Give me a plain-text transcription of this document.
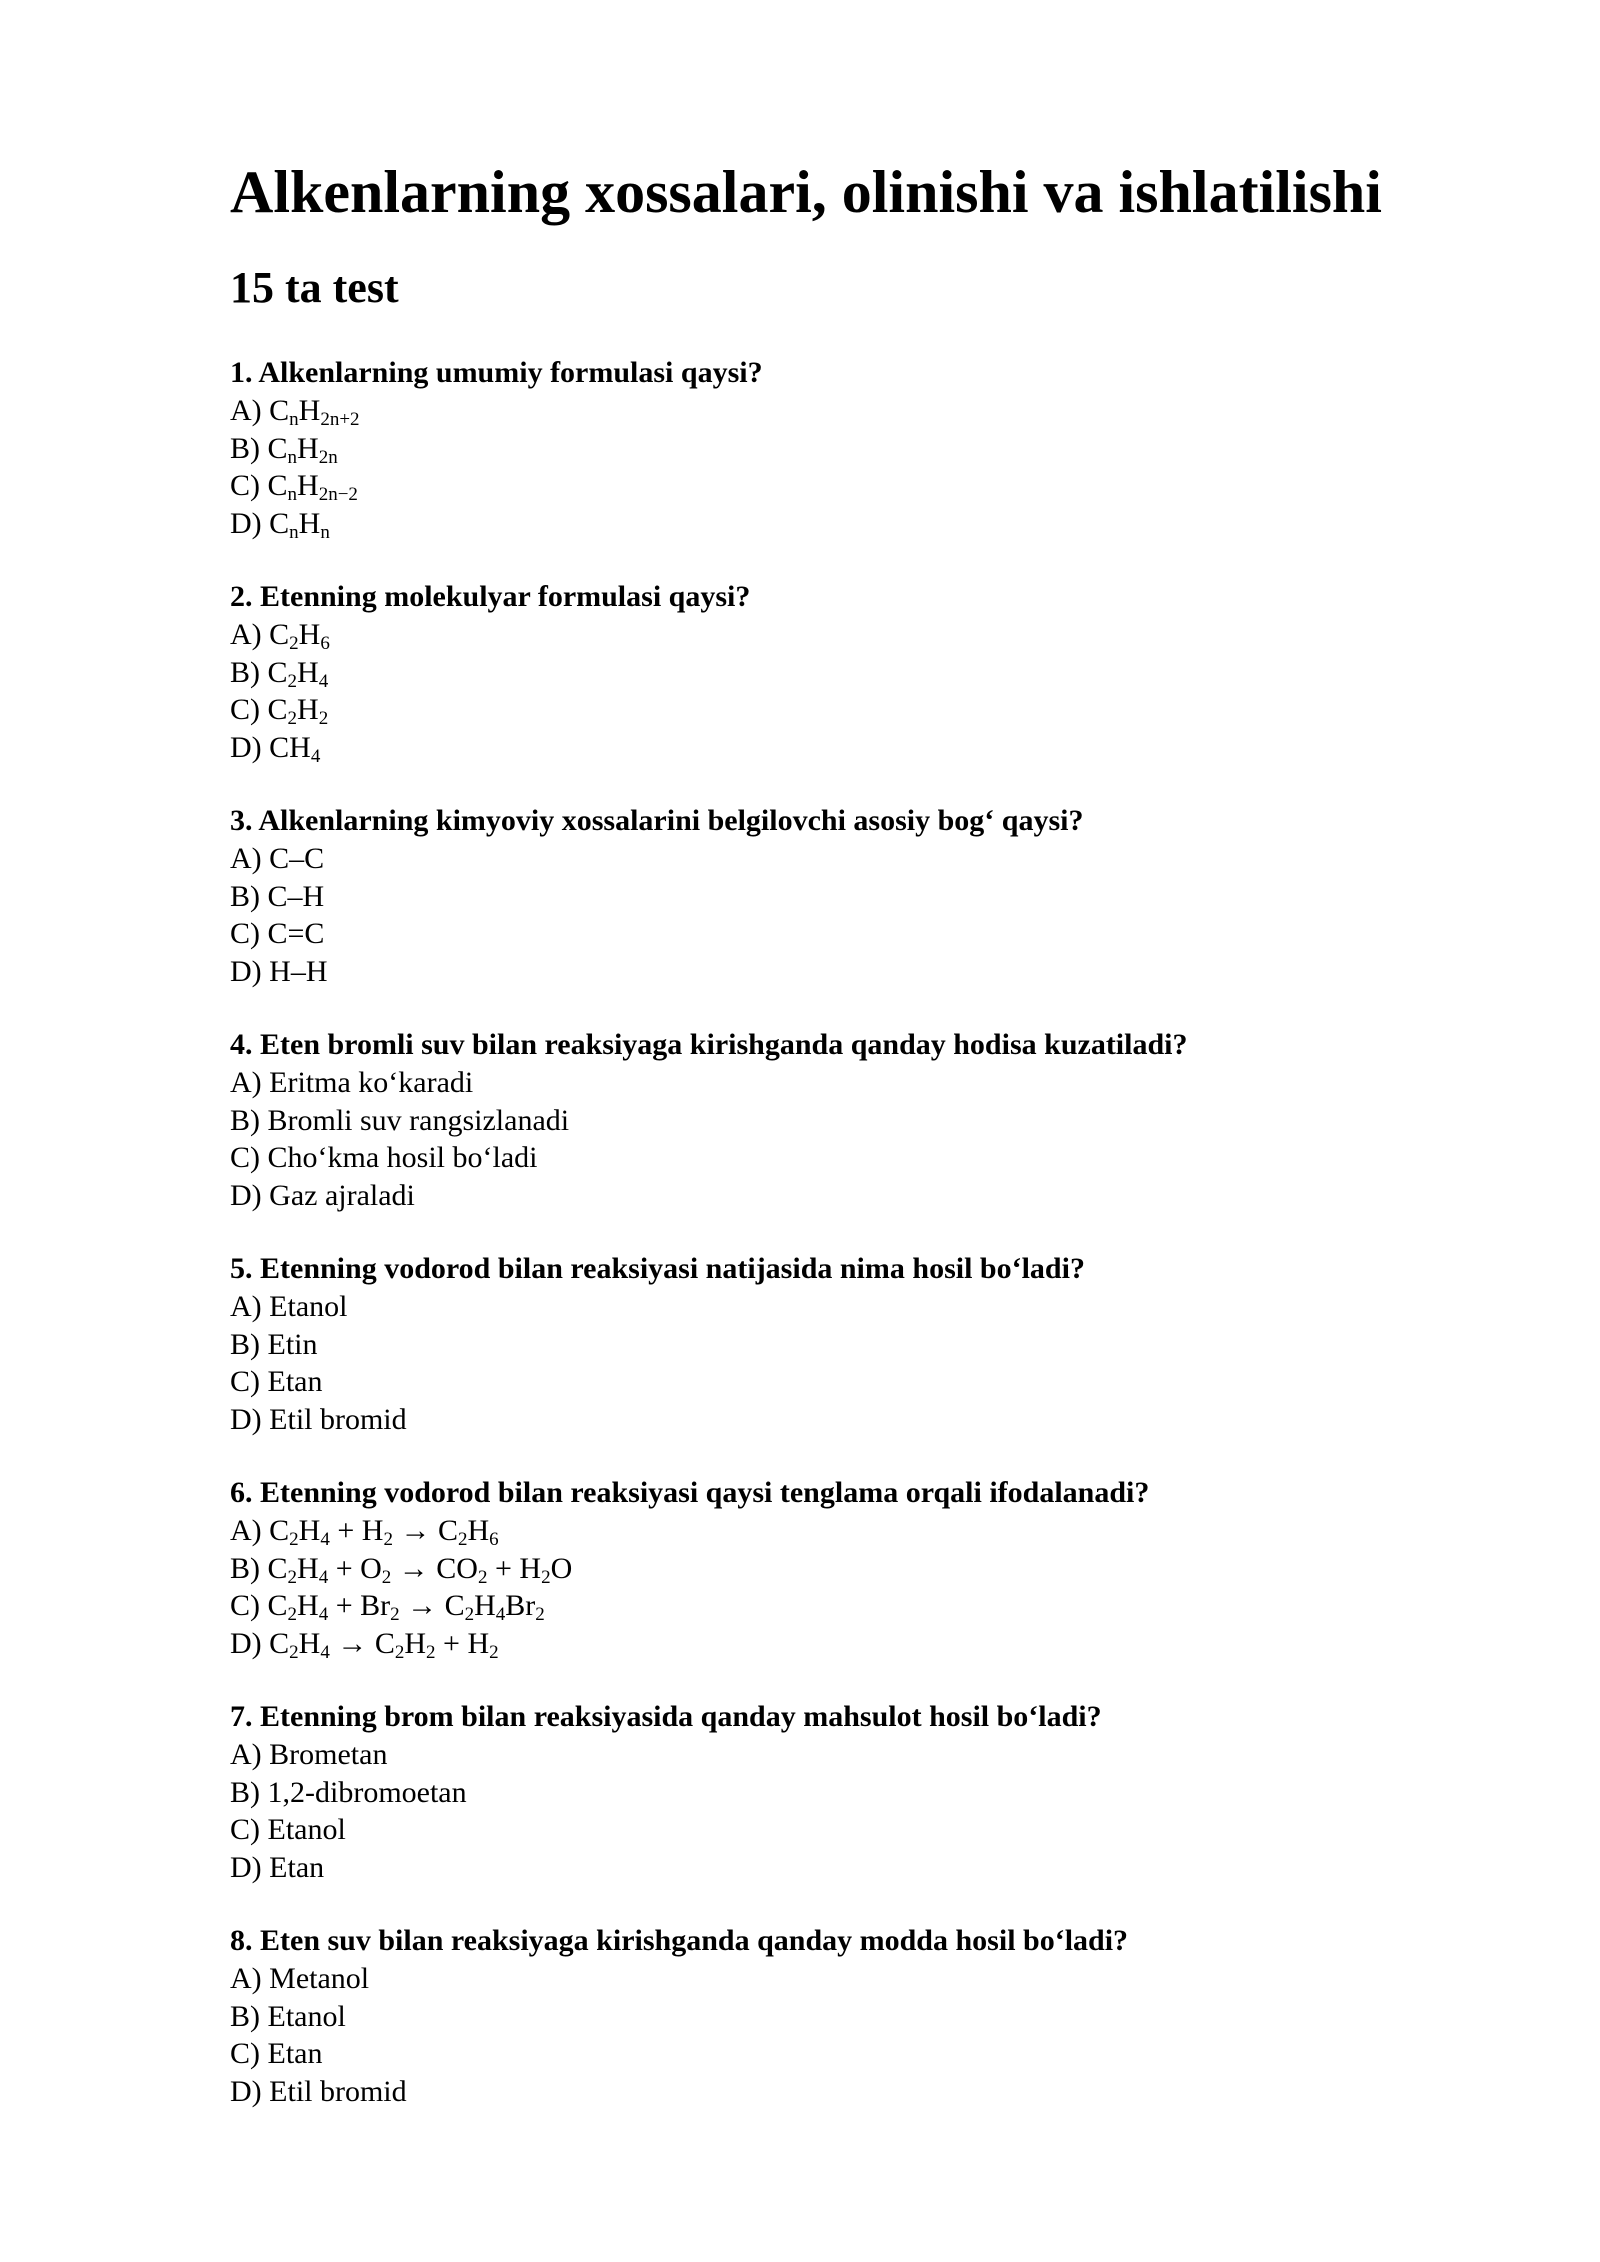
Alkenlarning xossalari, olinishi va ishlatilishi
15 ta test
1. Alkenlarning umumiy formulasi qaysi?
A) $C_nH_{2n+2}$
B) $C_nH_{2n}$
C) $C_nH_{2n-2}$
D) $C_nH_n$
2. Etenning molekulyar formulasi qaysi?
A) $C_2H_6$
B) $C_2H_4$
C) $C_2H_2$
D) $CH_4$
3. Alkenlarning kimyoviy xossalarini belgilovchi asosiy bog‘ qaysi?
A) C–C
B) C–H
C) C=C
D) H–H
4. Eten bromli suv bilan reaksiyaga kirishganda qanday hodisa kuzatiladi?
A) Eritma ko‘karadi
B) Bromli suv rangsizlanadi
C) Cho‘kma hosil bo‘ladi
D) Gaz ajraladi
5. Etenning vodorod bilan reaksiyasi natijasida nima hosil bo‘ladi?
A) Etanol
B) Etin
C) Etan
D) Etil bromid
6. Etenning vodorod bilan reaksiyasi qaysi tenglama orqali ifodalanadi?
A) $C_2H_4 + H_2 \to C_2H_6$
B) $C_2H_4 + O_2 \to CO_2 + H_2O$
C) $C_2H_4 + Br_2 \to C_2H_4Br_2$
D) $C_2H_4 \to C_2H_2 + H_2$
7. Etenning brom bilan reaksiyasida qanday mahsulot hosil bo‘ladi?
A) Brometan
B) 1,2-dibromoetan
C) Etanol
D) Etan
8. Eten suv bilan reaksiyaga kirishganda qanday modda hosil bo‘ladi?
A) Metanol
B) Etanol
C) Etan
D) Etil bromid
